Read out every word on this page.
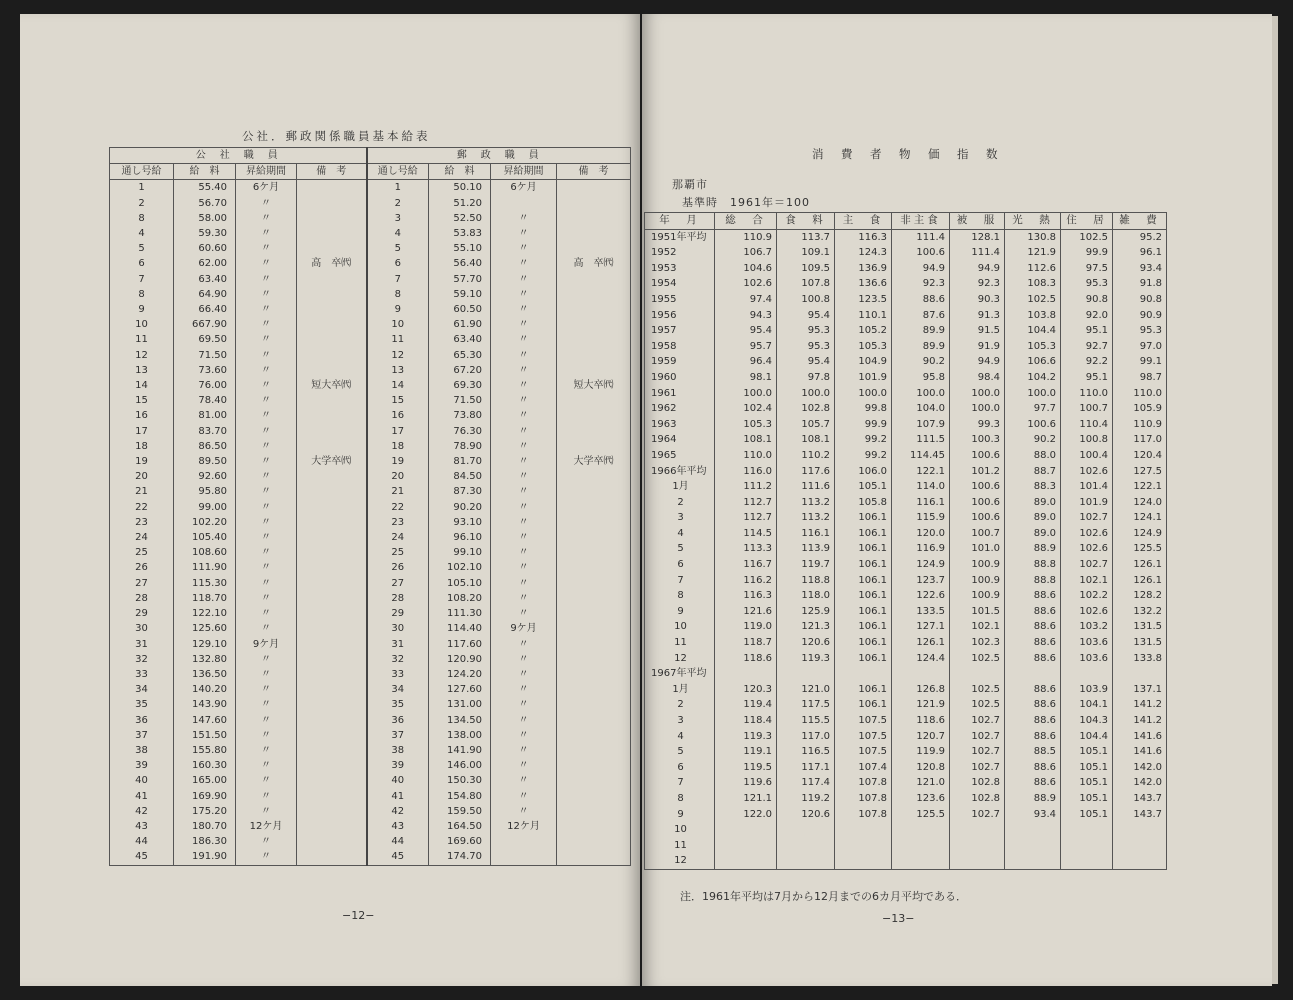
公社．郵政関係職員基本給表
公　社　職　員				郵　政　職　員			
通し号給	給　料	昇給期間	備　考	通し号給	給　料	昇給期間	備　考
1	55.40	6ケ月		1	50.10	6ケ月	
2	56.70	〃		2	51.20		
8	58.00	〃		3	52.50	〃	
4	59.30	〃		4	53.83	〃	
5	60.60	〃		5	55.10	〃	
6	62.00	〃	高　卒㈹	6	56.40	〃	高　卒㈹
7	63.40	〃		7	57.70	〃	
8	64.90	〃		8	59.10	〃	
9	66.40	〃		9	60.50	〃	
10	667.90	〃		10	61.90	〃	
11	69.50	〃		11	63.40	〃	
12	71.50	〃		12	65.30	〃	
13	73.60	〃		13	67.20	〃	
14	76.00	〃	短大卒㈹	14	69.30	〃	短大卒㈹
15	78.40	〃		15	71.50	〃	
16	81.00	〃		16	73.80	〃	
17	83.70	〃		17	76.30	〃	
18	86.50	〃		18	78.90	〃	
19	89.50	〃	大学卒㈹	19	81.70	〃	大学卒㈹
20	92.60	〃		20	84.50	〃	
21	95.80	〃		21	87.30	〃	
22	99.00	〃		22	90.20	〃	
23	102.20	〃		23	93.10	〃	
24	105.40	〃		24	96.10	〃	
25	108.60	〃		25	99.10	〃	
26	111.90	〃		26	102.10	〃	
27	115.30	〃		27	105.10	〃	
28	118.70	〃		28	108.20	〃	
29	122.10	〃		29	111.30	〃	
30	125.60	〃		30	114.40	9ケ月	
31	129.10	9ケ月		31	117.60	〃	
32	132.80	〃		32	120.90	〃	
33	136.50	〃		33	124.20	〃	
34	140.20	〃		34	127.60	〃	
35	143.90	〃		35	131.00	〃	
36	147.60	〃		36	134.50	〃	
37	151.50	〃		37	138.00	〃	
38	155.80	〃		38	141.90	〃	
39	160.30	〃		39	146.00	〃	
40	165.00	〃		40	150.30	〃	
41	169.90	〃		41	154.80	〃	
42	175.20	〃		42	159.50	〃	
43	180.70	12ケ月		43	164.50	12ケ月	
44	186.30	〃		44	169.60		
45	191.90	〃		45	174.70		
−12−
消　費　者　物　価　指　数
那覇市
基準時　1961年＝100
年　月	総　合	食　料	主　食	非主食	被　服	光　熱	住　居	雑　費
1951年平均	110.9	113.7	116.3	111.4	128.1	130.8	102.5	95.2
1952	106.7	109.1	124.3	100.6	111.4	121.9	99.9	96.1
1953	104.6	109.5	136.9	94.9	94.9	112.6	97.5	93.4
1954	102.6	107.8	136.6	92.3	92.3	108.3	95.3	91.8
1955	97.4	100.8	123.5	88.6	90.3	102.5	90.8	90.8
1956	94.3	95.4	110.1	87.6	91.3	103.8	92.0	90.9
1957	95.4	95.3	105.2	89.9	91.5	104.4	95.1	95.3
1958	95.7	95.3	105.3	89.9	91.9	105.3	92.7	97.0
1959	96.4	95.4	104.9	90.2	94.9	106.6	92.2	99.1
1960	98.1	97.8	101.9	95.8	98.4	104.2	95.1	98.7
1961	100.0	100.0	100.0	100.0	100.0	100.0	110.0	110.0
1962	102.4	102.8	99.8	104.0	100.0	97.7	100.7	105.9
1963	105.3	105.7	99.9	107.9	99.3	100.6	110.4	110.9
1964	108.1	108.1	99.2	111.5	100.3	90.2	100.8	117.0
1965	110.0	110.2	99.2	114.45	100.6	88.0	100.4	120.4
1966年平均	116.0	117.6	106.0	122.1	101.2	88.7	102.6	127.5
1月	111.2	111.6	105.1	114.0	100.6	88.3	101.4	122.1
2	112.7	113.2	105.8	116.1	100.6	89.0	101.9	124.0
3	112.7	113.2	106.1	115.9	100.6	89.0	102.7	124.1
4	114.5	116.1	106.1	120.0	100.7	89.0	102.6	124.9
5	113.3	113.9	106.1	116.9	101.0	88.9	102.6	125.5
6	116.7	119.7	106.1	124.9	100.9	88.8	102.7	126.1
7	116.2	118.8	106.1	123.7	100.9	88.8	102.1	126.1
8	116.3	118.0	106.1	122.6	100.9	88.6	102.2	128.2
9	121.6	125.9	106.1	133.5	101.5	88.6	102.6	132.2
10	119.0	121.3	106.1	127.1	102.1	88.6	103.2	131.5
11	118.7	120.6	106.1	126.1	102.3	88.6	103.6	131.5
12	118.6	119.3	106.1	124.4	102.5	88.6	103.6	133.8
1967年平均								
1月	120.3	121.0	106.1	126.8	102.5	88.6	103.9	137.1
2	119.4	117.5	106.1	121.9	102.5	88.6	104.1	141.2
3	118.4	115.5	107.5	118.6	102.7	88.6	104.3	141.2
4	119.3	117.0	107.5	120.7	102.7	88.6	104.4	141.6
5	119.1	116.5	107.5	119.9	102.7	88.5	105.1	141.6
6	119.5	117.1	107.4	120.8	102.7	88.6	105.1	142.0
7	119.6	117.4	107.8	121.0	102.8	88.6	105.1	142.0
8	121.1	119.2	107.8	123.6	102.8	88.9	105.1	143.7
9	122.0	120.6	107.8	125.5	102.7	93.4	105.1	143.7
10								
11								
12								
注．1961年平均は7月から12月までの6カ月平均である．
−13−
